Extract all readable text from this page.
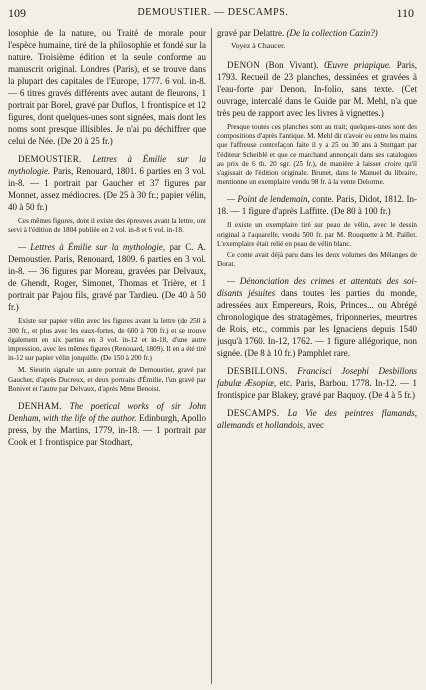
109	DEMOUSTIER. — DESCAMPS.	110

losophie de la nature, ou Traité de morale pour l'espèce humaine, tiré de la philosophie et fondé sur la nature. Troisième édition et la seule conforme au manuscrit original. Londres (Paris), et se trouve dans la plupart des capitales de l'Europe, 1777. 6 vol. in-8. — 6 titres gravés différents avec autant de fleurons, 1 portrait par Borel, gravé par Duflos, 1 frontispice et 12 figures, dont quelques-unes sont signées, mais dont les noms sont presque illisibles. Je n'ai pu déchiffrer que celui de Née. (De 20 à 25 fr.)

DEMOUSTIER. Lettres à Émilie sur la mythologie. Paris, Renouard, 1801. 6 parties en 3 vol. in-8. — 1 portrait par Gaucher et 37 figures par Monnet, assez médiocres. (De 25 à 30 fr.; papier vélin, 40 à 50 fr.)

Ces mêmes figures, dont il existe des épreuves avant la lettre, ont servi à l'édition de 1804 publiée en 2 vol. in-8 et 6 vol. in-18.

— Lettres à Émilie sur la mythologie, par C. A. Demoustier. Paris, Renouard, 1809. 6 parties en 3 vol. in-8. — 36 figures par Moreau, gravées par Delvaux, de Ghendt, Roger, Simonet, Thomas et Trière, et 1 portrait par Pajou fils, gravé par Tardieu. (De 40 à 50 fr.)

Existe sur papier vélin avec les figures avant la lettre (de 250 à 300 fr., et plus avec les eaux-fortes, de 600 à 700 fr.) et se trouve également en six parties en 3 vol. in-12 et in-18, d'une autre impression, avec les mêmes figures (Renouard, 1809). Il en a été tiré in-12 sur papier vélin jonquille. (De 150 à 200 fr.)

M. Sieurin signale un autre portrait de Demoustier, gravé par Gaucher, d'après Ducreux, et deux portraits d'Émilie, l'un gravé par Bonivet et l'autre par Delvaux, d'après Mme Benoist.

DENHAM. The poetical works of sir John Denham, with the life of the author. Edinburgh, Apollo press, by the Martins, 1779, in-18. — 1 portrait par Cook et 1 frontispice par Stodhart,

gravé par Delattre. (De la collection Cazin?)

Voyez à Chaucer.

DENON (Bon Vivant). Œuvre priapique. Paris, 1793. Recueil de 23 planches, dessinées et gravées à l'eau-forte par Denon. In-folio, sans texte. (Cet ouvrage, intercalé dans le Guide par M. Mehl, n'a que très peu de rapport avec les livres à vignettes.)

Presque toutes ces planches sont au trait; quelques-unes sont des compositions d'après l'antique. M. Mehl dit n'avoir eu entre les mains que l'affreuse contrefaçon faite il y a 25 ou 30 ans à Stuttgart par l'éditeur Scheiblé et que ce marchand annonçait dans ses catalogues au prix de 6 th. 20 sgr. (25 fr.), de manière à laisser croire qu'il s'agissait de l'édition originale. Brunet, dans le Manuel du libraire, mentionne un exemplaire vendu 98 fr. à la vente Delorme.

— Point de lendemain, conte. Paris, Didot, 1812. In-18. — 1 figure d'après Laffitte. (De 80 à 100 fr.)

Il existe un exemplaire tiré sur peau de vélin, avec le dessin original à l'aquarelle, vendu 500 fr. par M. Rouquette à M. Paillet. L'exemplaire était relié en peau de vélin blanc.

Ce conte avait déjà paru dans les deux volumes des Mélanges de Dorat.

— Dénonciation des crimes et attentats des soi-disants jésuites dans toutes les parties du monde, adressées aux Empereurs, Rois, Princes... ou Abrégé chronologique des stratagèmes, friponneries, meurtres de Rois, etc., commis par les Ignaciens depuis 1540 jusqu'à 1760. In-12, 1762. — 1 figure allégorique, non signée. (De 8 à 10 fr.) Pamphlet rare.

DESBILLONS. Francisci Josephi Desbillons fabulæ Æsopiæ, etc. Paris, Barbou. 1778. In-12. — 1 frontispice par Blakey, gravé par Baquoy. (De 4 à 5 fr.)

DESCAMPS. La Vie des peintres flamands, allemands et hollandois, avec
